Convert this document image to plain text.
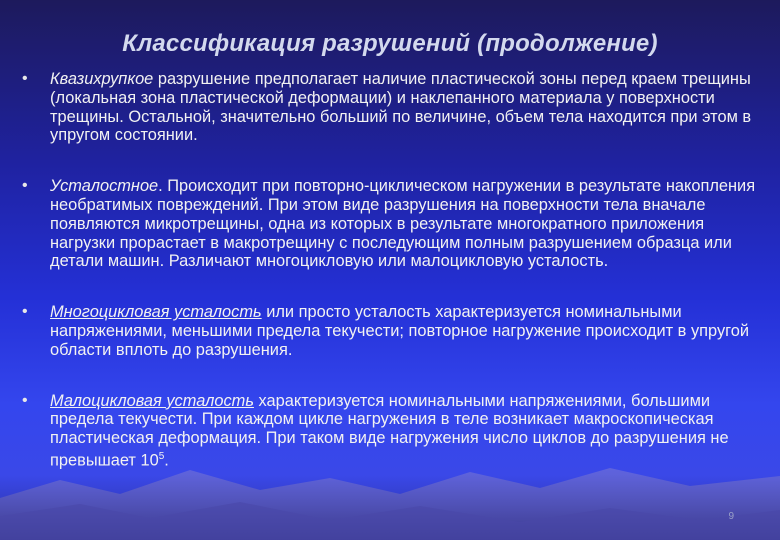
Классификация разрушений (продолжение)
• Квазихрупкое разрушение предполагает наличие пластической зоны перед краем трещины (локальная зона пластической деформации) и наклепанного материала у поверхности трещины. Остальной, значительно больший по величине, объем тела находится при этом в упругом состоянии.
• Усталостное. Происходит при повторно-циклическом нагружении в результате накопления необратимых повреждений. При этом виде разрушения на поверхности тела вначале появляются микротрещины, одна из которых в результате многократного приложения нагрузки прорастает в макротрещину с последующим полным разрушением образца или детали машин. Различают многоцикловую или малоцикловую усталость.
• Многоцикловая усталость или просто усталость характеризуется номинальными напряжениями, меньшими предела текучести; повторное нагружение происходит в упругой области вплоть до разрушения.
• Малоцикловая усталость характеризуется номинальными напряжениями, большими предела текучести. При каждом цикле нагружения в теле возникает макроскопическая пластическая деформация. При таком виде нагружения число циклов до разрушения не превышает $10^5$.
9
